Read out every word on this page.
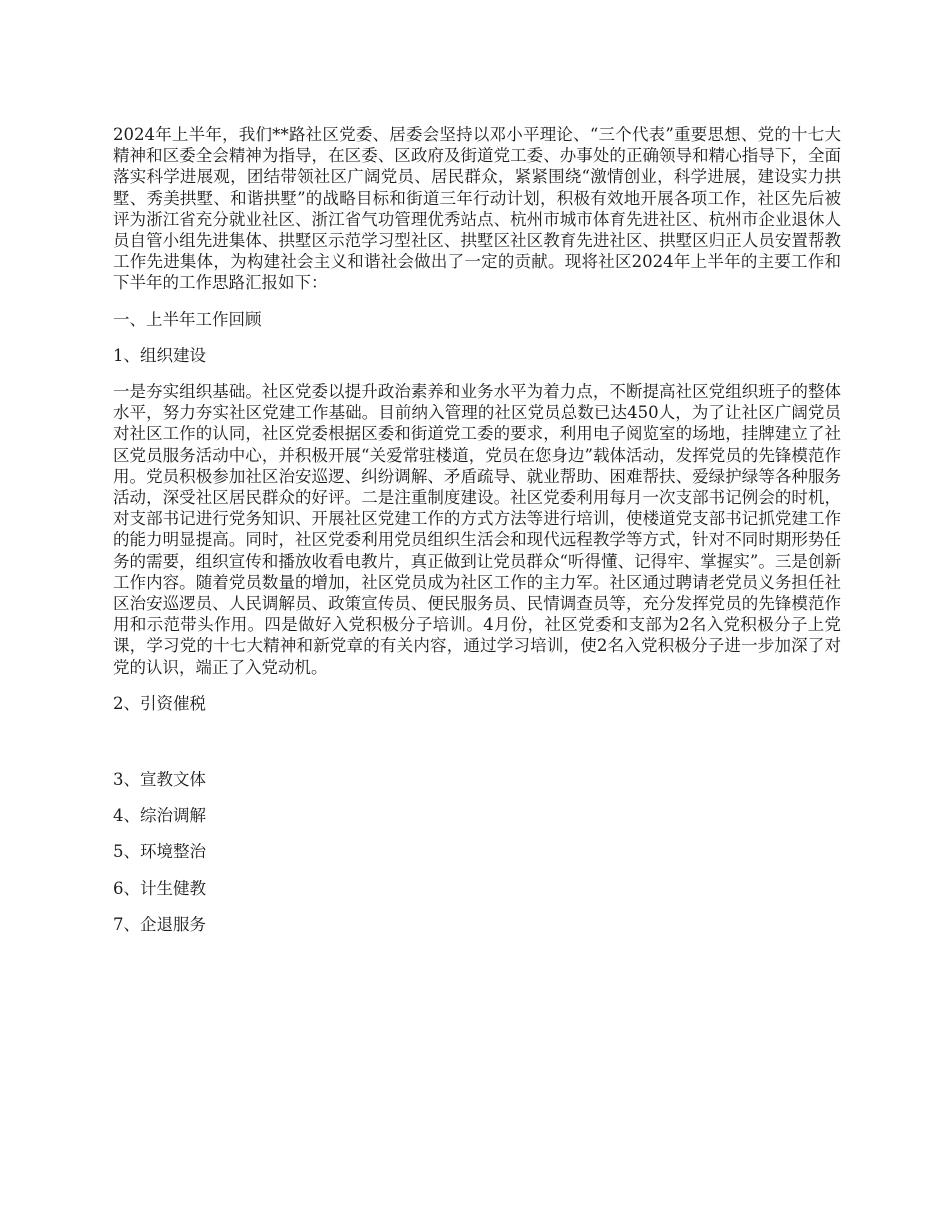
2024年上半年，我们**路社区党委、居委会坚持以邓小平理论、“三个代表”重要思想、党的十七大精神和区委全会精神为指导，在区委、区政府及街道党工委、办事处的正确领导和精心指导下，全面落实科学进展观，团结带领社区广阔党员、居民群众，紧紧围绕“激情创业，科学进展，建设实力拱墅、秀美拱墅、和谐拱墅”的战略目标和街道三年行动计划，积极有效地开展各项工作，社区先后被评为浙江省充分就业社区、浙江省气功管理优秀站点、杭州市城市体育先进社区、杭州市企业退休人员自管小组先进集体、拱墅区示范学习型社区、拱墅区社区教育先进社区、拱墅区归正人员安置帮教工作先进集体，为构建社会主义和谐社会做出了一定的贡献。现将社区2024年上半年的主要工作和下半年的工作思路汇报如下：

一、上半年工作回顾

1、组织建设

一是夯实组织基础。社区党委以提升政治素养和业务水平为着力点，不断提高社区党组织班子的整体水平，努力夯实社区党建工作基础。目前纳入管理的社区党员总数已达450人，为了让社区广阔党员对社区工作的认同，社区党委根据区委和街道党工委的要求，利用电子阅览室的场地，挂牌建立了社区党员服务活动中心，并积极开展“关爱常驻楼道，党员在您身边”载体活动，发挥党员的先锋模范作用。党员积极参加社区治安巡逻、纠纷调解、矛盾疏导、就业帮助、困难帮扶、爱绿护绿等各种服务活动，深受社区居民群众的好评。二是注重制度建设。社区党委利用每月一次支部书记例会的时机，对支部书记进行党务知识、开展社区党建工作的方式方法等进行培训，使楼道党支部书记抓党建工作的能力明显提高。同时，社区党委利用党员组织生活会和现代远程教学等方式，针对不同时期形势任务的需要，组织宣传和播放收看电教片，真正做到让党员群众“听得懂、记得牢、掌握实”。三是创新工作内容。随着党员数量的增加，社区党员成为社区工作的主力军。社区通过聘请老党员义务担任社区治安巡逻员、人民调解员、政策宣传员、便民服务员、民情调查员等，充分发挥党员的先锋模范作用和示范带头作用。四是做好入党积极分子培训。4月份，社区党委和支部为2名入党积极分子上党课，学习党的十七大精神和新党章的有关内容，通过学习培训，使2名入党积极分子进一步加深了对党的认识，端正了入党动机。

2、引资催税

3、宣教文体

4、综治调解

5、环境整治

6、计生健教

7、企退服务
